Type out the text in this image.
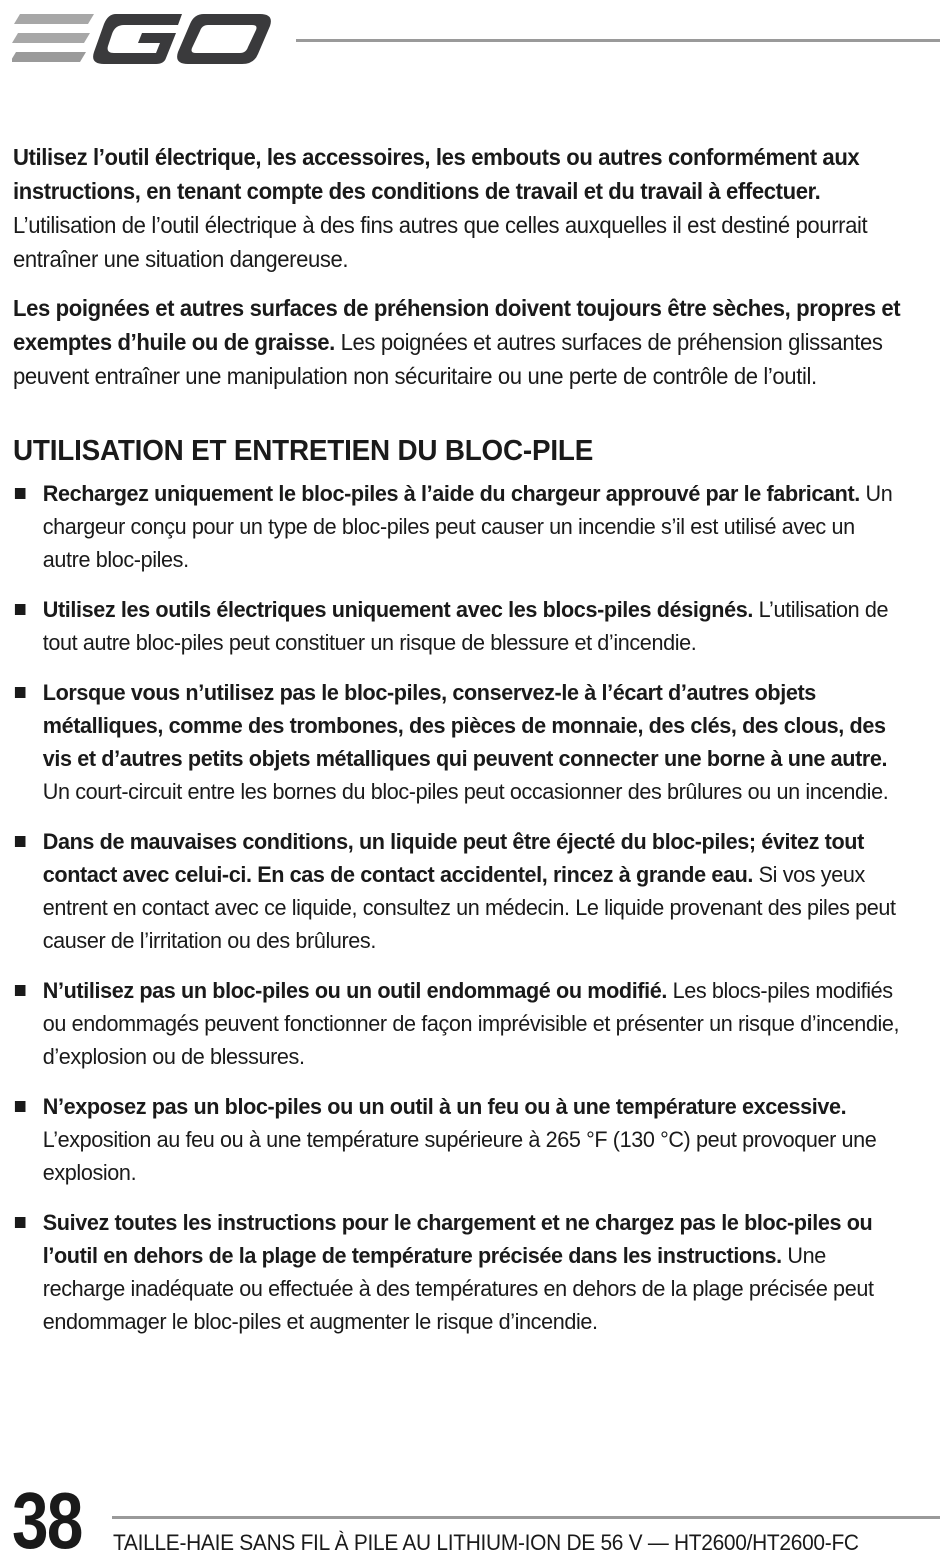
Utilisez l’outil électrique, les accessoires, les embouts ou autres conformément aux instructions, en tenant compte des conditions de travail et du travail à effectuer. L’utilisation de l’outil électrique à des fins autres que celles auxquelles il est destiné pourrait entraîner une situation dangereuse.

Les poignées et autres surfaces de préhension doivent toujours être sèches, propres et exemptes d’huile ou de graisse. Les poignées et autres surfaces de préhension glissantes peuvent entraîner une manipulation non sécuritaire ou une perte de contrôle de l’outil.

UTILISATION ET ENTRETIEN DU BLOC-PILE
Rechargez uniquement le bloc-piles à l’aide du chargeur approuvé par le fabricant. Un chargeur conçu pour un type de bloc-piles peut causer un incendie s’il est utilisé avec un autre bloc-piles.
Utilisez les outils électriques uniquement avec les blocs-piles désignés. L’utilisation de tout autre bloc-piles peut constituer un risque de blessure et d’incendie.
Lorsque vous n’utilisez pas le bloc-piles, conservez-le à l’écart d’autres objets métalliques, comme des trombones, des pièces de monnaie, des clés, des clous, des vis et d’autres petits objets métalliques qui peuvent connecter une borne à une autre. Un court-circuit entre les bornes du bloc-piles peut occasionner des brûlures ou un incendie.
Dans de mauvaises conditions, un liquide peut être éjecté du bloc-piles; évitez tout contact avec celui-ci. En cas de contact accidentel, rincez à grande eau. Si vos yeux entrent en contact avec ce liquide, consultez un médecin. Le liquide provenant des piles peut causer de l’irritation ou des brûlures.
N’utilisez pas un bloc-piles ou un outil endommagé ou modifié. Les blocs-piles modifiés ou endommagés peuvent fonctionner de façon imprévisible et présenter un risque d’incendie, d’explosion ou de blessures.
N’exposez pas un bloc-piles ou un outil à un feu ou à une température excessive. L’exposition au feu ou à une température supérieure à 265 °F (130 °C) peut provoquer une explosion.
Suivez toutes les instructions pour le chargement et ne chargez pas le bloc-piles ou l’outil en dehors de la plage de température précisée dans les instructions. Une recharge inadéquate ou effectuée à des températures en dehors de la plage précisée peut endommager le bloc-piles et augmenter le risque d’incendie.
38 TAILLE-HAIE SANS FIL À PILE AU LITHIUM-ION DE 56 V — HT2600/HT2600-FC
